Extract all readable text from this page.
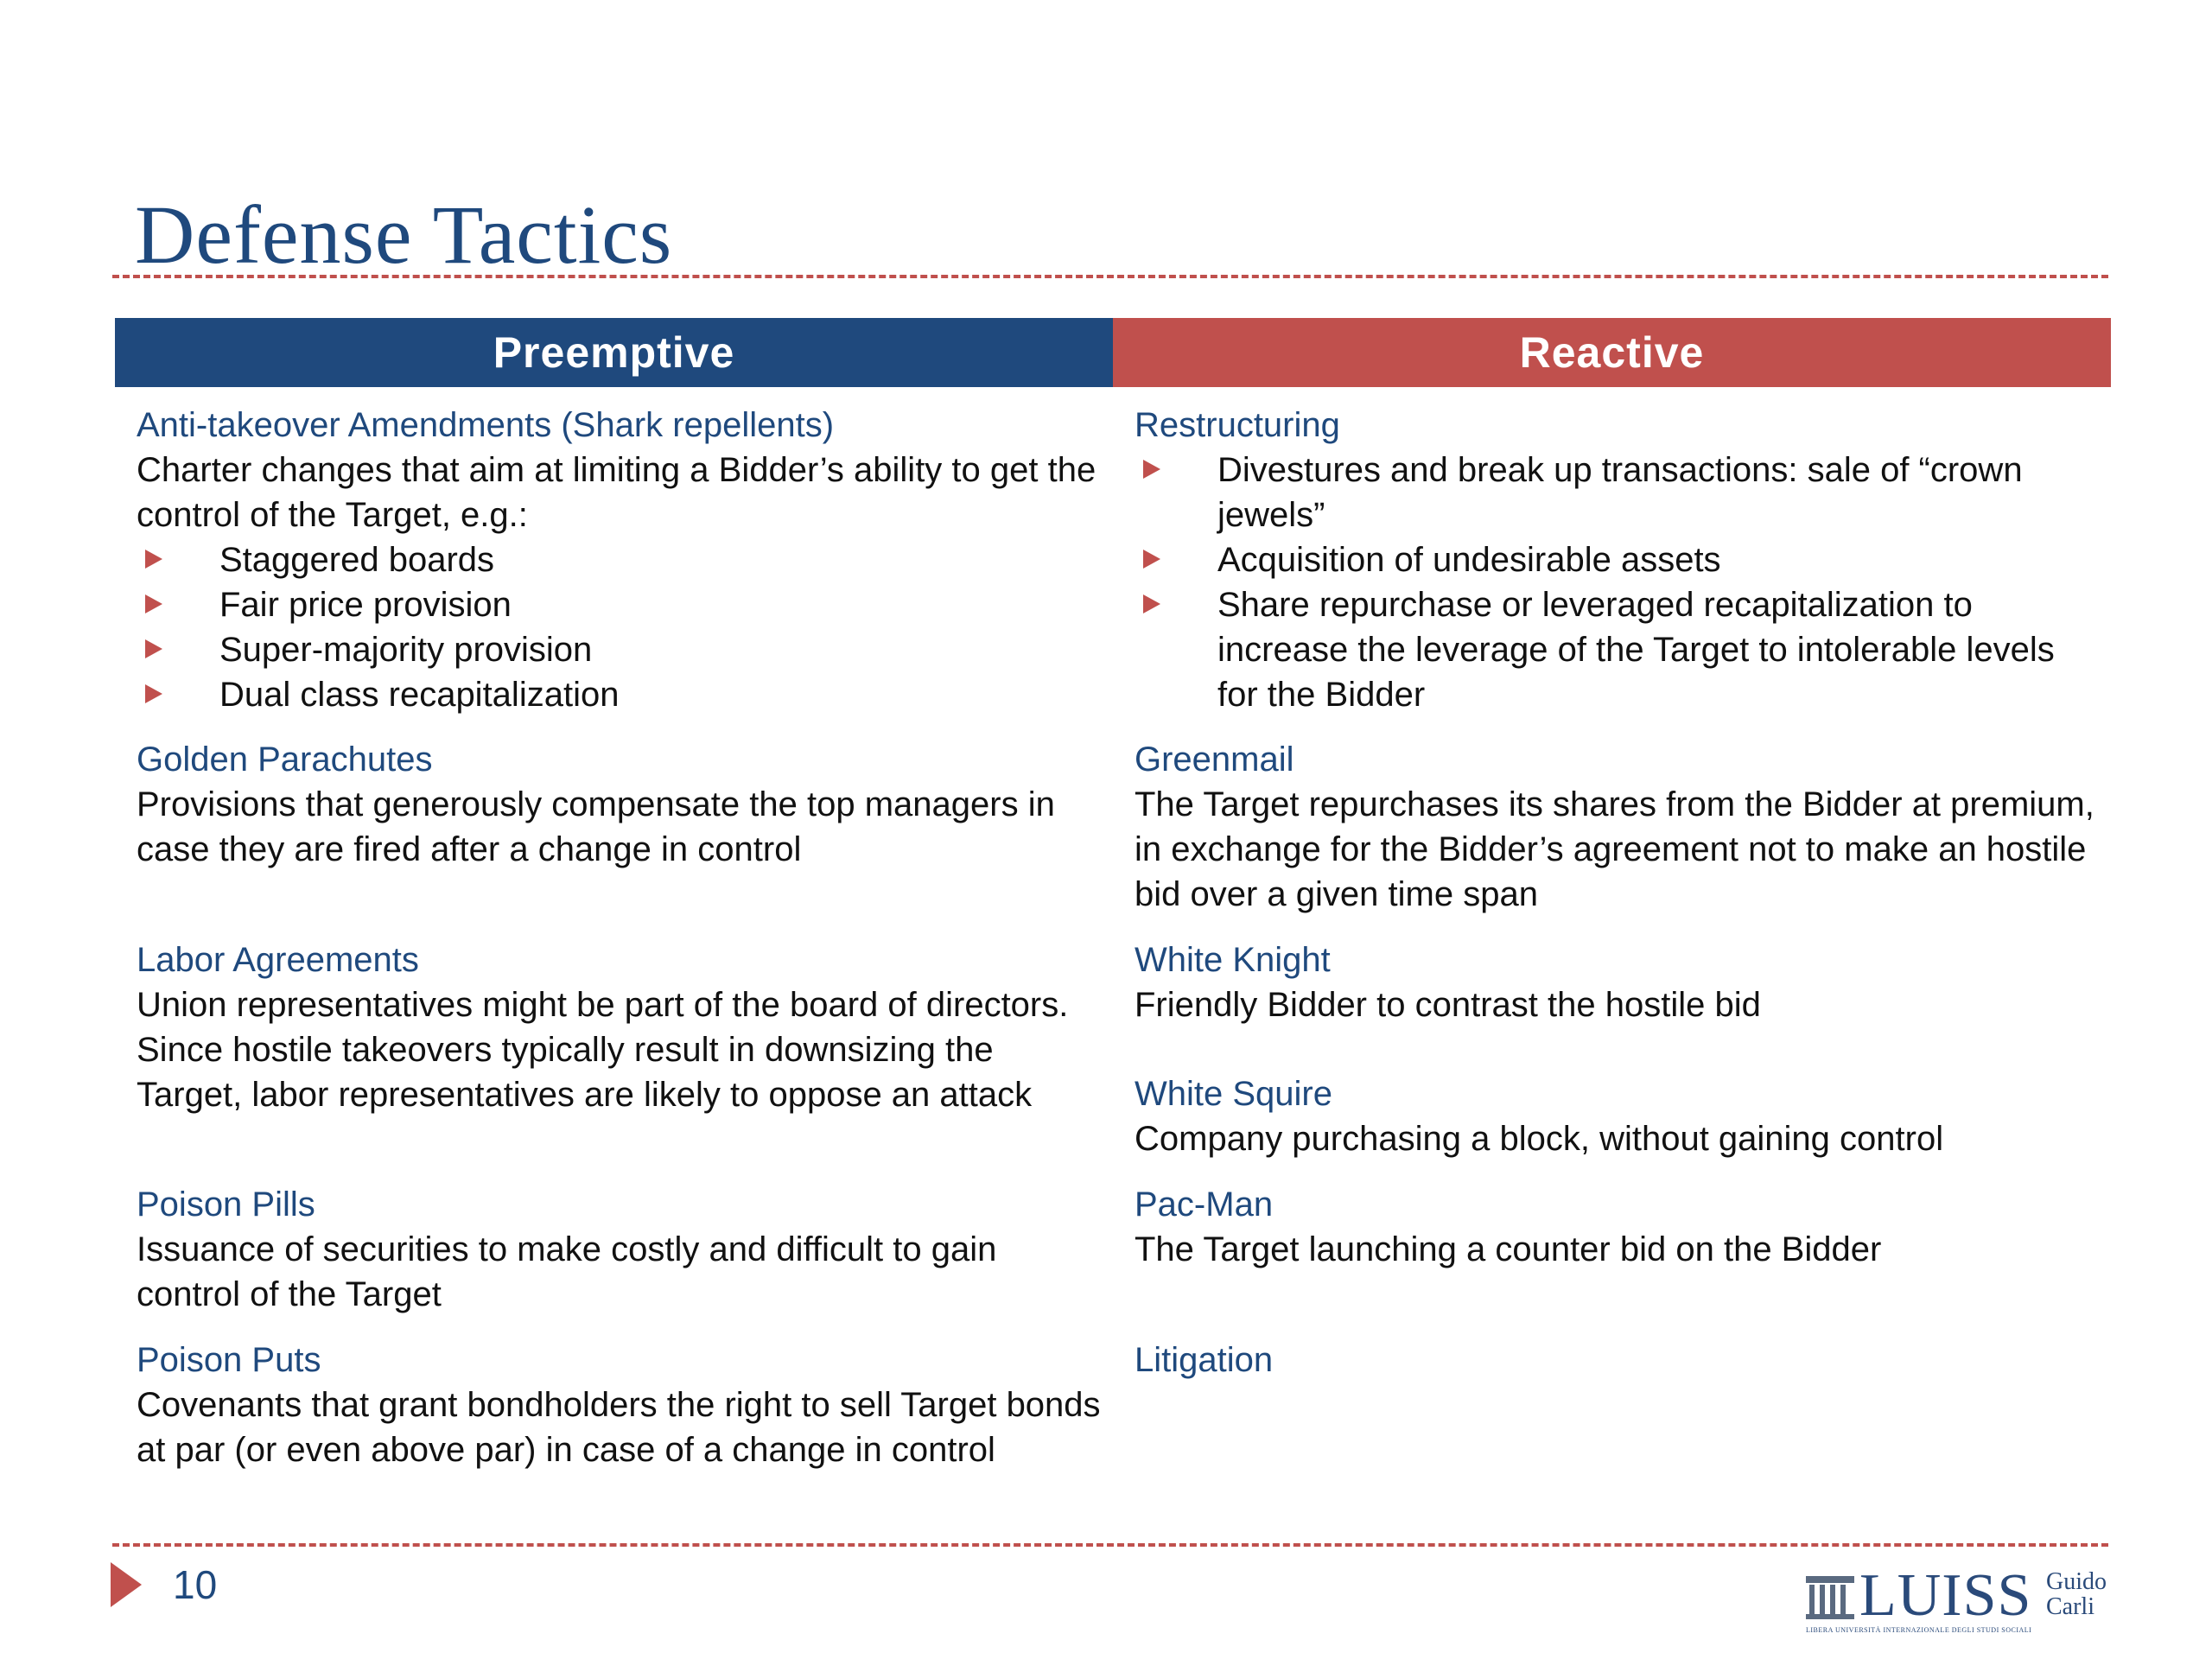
Defense Tactics
Preemptive	Reactive
Anti-takeover Amendments (Shark repellents)
Charter changes that aim at limiting a Bidder’s ability to get the control of the Target, e.g.:
Staggered boards
Fair price provision
Super-majority provision
Dual class recapitalization
Golden Parachutes
Provisions that generously compensate the top managers in case they are fired after a change in control
Labor Agreements
Union representatives might be part of the board of directors. Since hostile takeovers typically result in downsizing the Target, labor representatives are likely to oppose an attack
Poison Pills
Issuance of securities to make costly and difficult to gain control of the Target
Poison Puts
Covenants that grant bondholders the right to sell Target bonds at par (or even above par) in case of a change in control
Restructuring
Divestures and break up transactions: sale of “crown jewels”
Acquisition of undesirable assets
Share repurchase or leveraged recapitalization to increase the leverage of the Target to intolerable levels for the Bidder
Greenmail
The Target repurchases its shares from the Bidder at premium, in exchange for the Bidder’s agreement not to make an hostile bid over a given time span
White Knight
Friendly Bidder to contrast the hostile bid
White Squire
Company purchasing a block, without gaining control
Pac-Man
The Target launching a counter bid on the Bidder
Litigation
10	LUISS Guido
Carli
LIBERA UNIVERSITÀ INTERNAZIONALE DEGLI STUDI SOCIALI
